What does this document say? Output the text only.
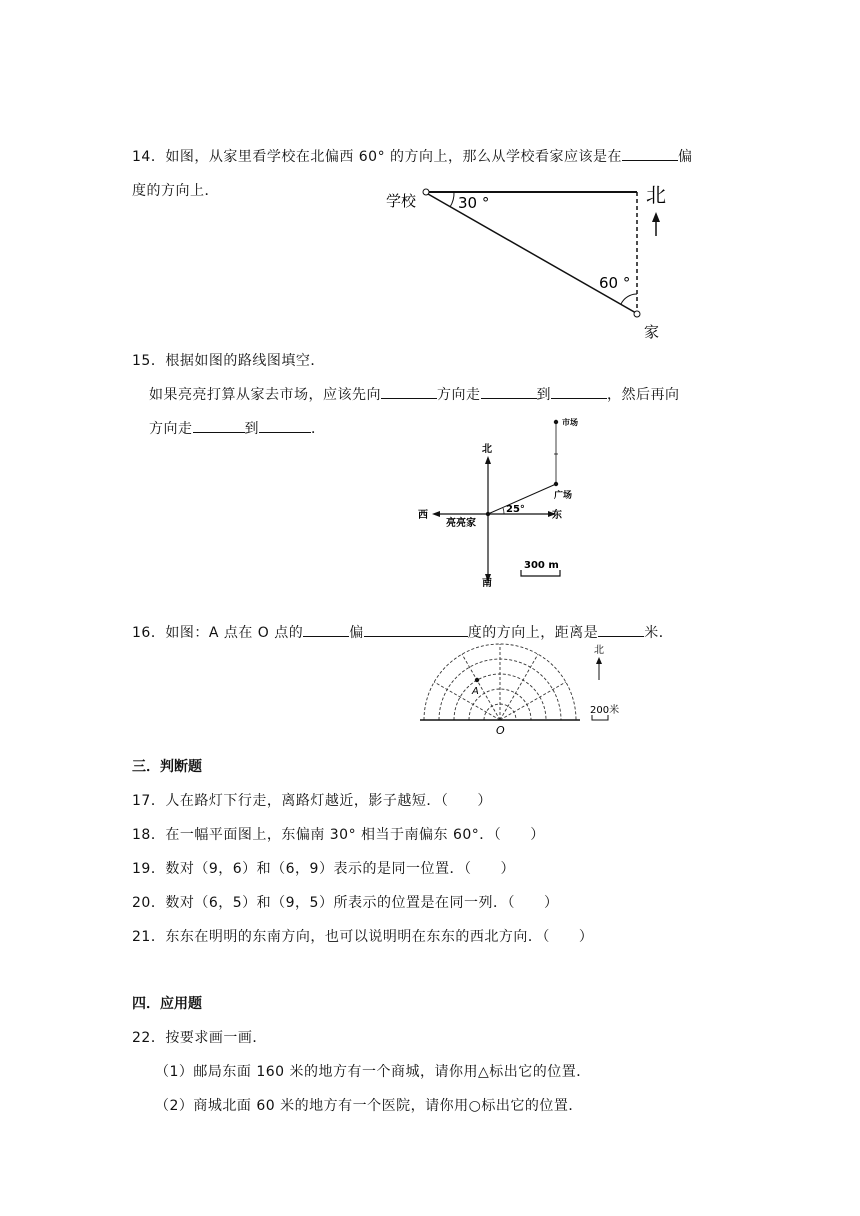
14．如图，从家里看学校在北偏西 60° 的方向上，那么从学校看家应该是在	偏
度的方向上．
学校	30 °
60 °
家
北
15．根据如图的路线图填空．
如果亮亮打算从家去市场，应该先向	方向走	到	，然后再向
方向走	到	．
北
南
西	东
亮亮家
广场
市场
25°
300 m
16．如图：A 点在 O 点的	偏	度的方向上，距离是	米．
A
O
北
200米
三．判断题
17．人在路灯下行走，离路灯越近，影子越短．（　　）
18．在一幅平面图上，东偏南 30° 相当于南偏东 60°．（　　）
19．数对（9，6）和（6，9）表示的是同一位置．（　　）
20．数对（6，5）和（9，5）所表示的位置是在同一列．（　　）
21．东东在明明的东南方向，也可以说明明在东东的西北方向．（　　）
四．应用题
22．按要求画一画．
（1）邮局东面 160 米的地方有一个商城，请你用△标出它的位置．
（2）商城北面 60 米的地方有一个医院，请你用○标出它的位置．
